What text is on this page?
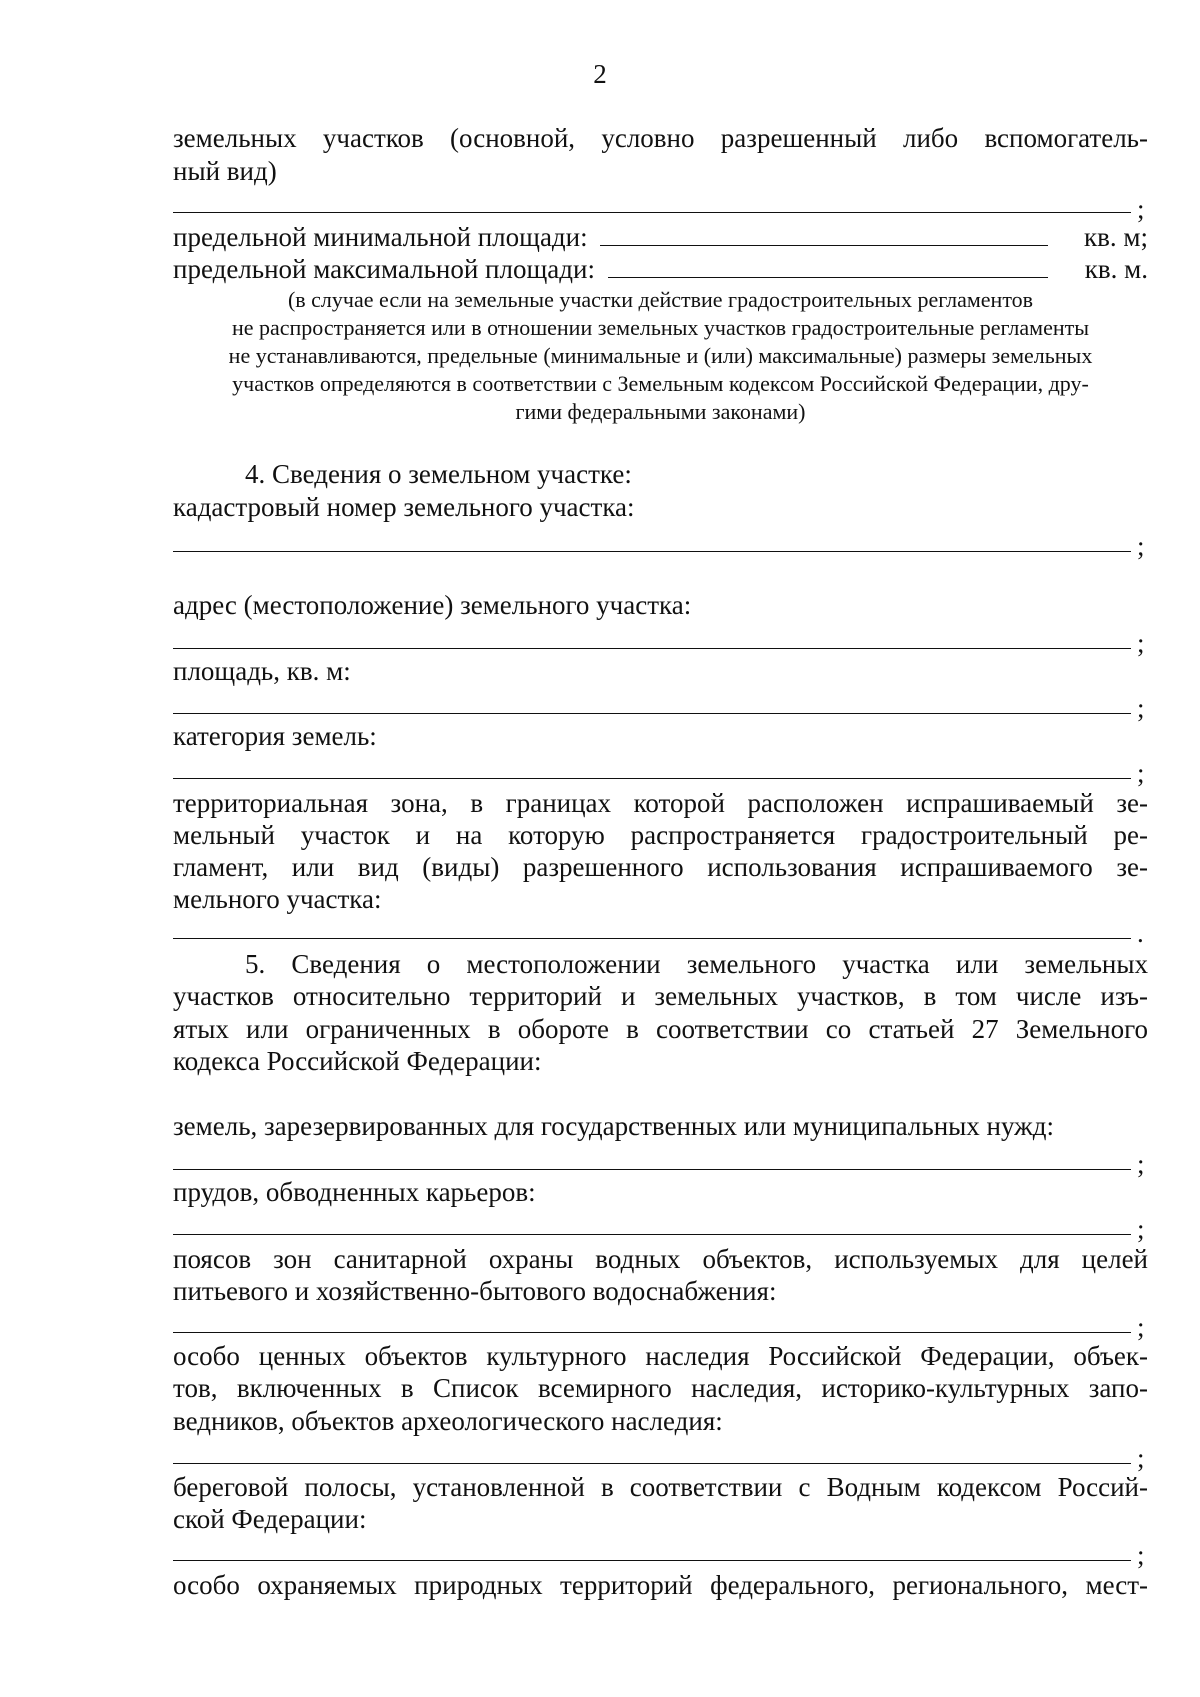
2
земельных участков (основной, условно разрешенный либо вспомогатель-
ный вид)
;
предельной минимальной площади:	кв. м;
предельной максимальной площади:	кв. м.
(в случае если на земельные участки действие градостроительных регламентов
не распространяется или в отношении земельных участков градостроительные регламенты
не устанавливаются, предельные (минимальные и (или) максимальные) размеры земельных
участков определяются в соответствии с Земельным кодексом Российской Федерации, дру-
гими федеральными законами)
4. Сведения о земельном участке:
кадастровый номер земельного участка:
;
адрес (местоположение) земельного участка:
;
площадь, кв. м:
;
категория земель:
;
территориальная зона, в границах которой расположен испрашиваемый зе-
мельный участок и на которую распространяется градостроительный ре-
гламент, или вид (виды) разрешенного использования испрашиваемого зе-
мельного участка:
.
5. Сведения о местоположении земельного участка или земельных
участков относительно территорий и земельных участков, в том числе изъ-
ятых или ограниченных в обороте в соответствии со статьей 27 Земельного
кодекса Российской Федерации:
земель, зарезервированных для государственных или муниципальных нужд:
;
прудов, обводненных карьеров:
;
поясов зон санитарной охраны водных объектов, используемых для целей
питьевого и хозяйственно-бытового водоснабжения:
;
особо ценных объектов культурного наследия Российской Федерации, объек-
тов, включенных в Список всемирного наследия, историко-культурных запо-
ведников, объектов археологического наследия:
;
береговой полосы, установленной в соответствии с Водным кодексом Россий-
ской Федерации:
;
особо охраняемых природных территорий федерального, регионального, мест-
